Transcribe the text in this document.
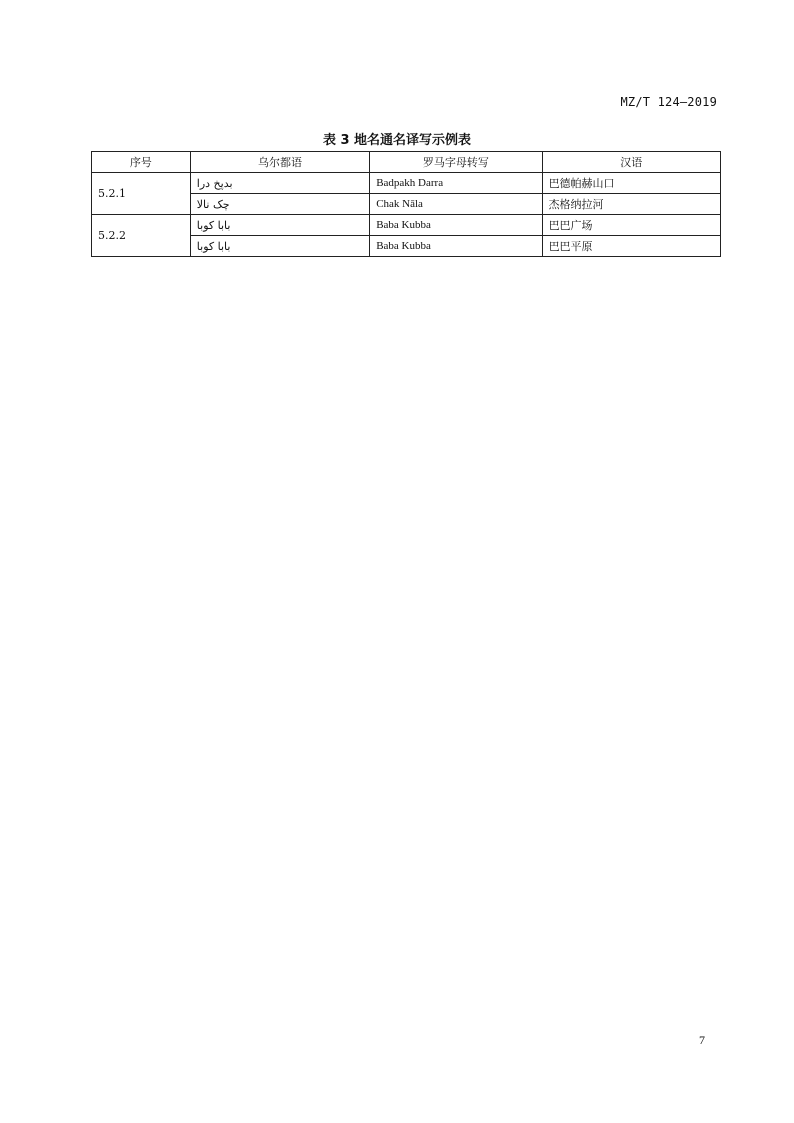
MZ/T 124—2019
表 3 地名通名译写示例表
序号	乌尔都语	罗马字母转写	汉语
5.2.1	بدپخ درا	Badpakh Darra	巴德帕赫山口
	چک نالا	Chak Nāla	杰格纳拉河
5.2.2	بابا کوبا	Baba Kubba	巴巴广场
	بابا کوبا	Baba Kubba	巴巴平原
7
